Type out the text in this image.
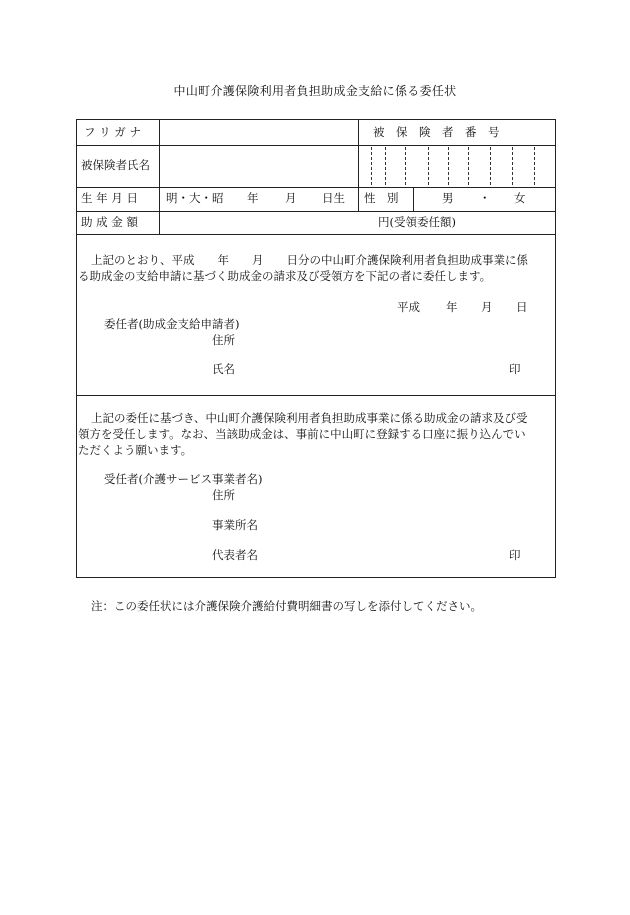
中山町介護保険利用者負担助成金支給に係る委任状
フ リ ガ ナ	被　保　険　者　番　号
被保険者氏名
生 年 月 日 明・大・昭 年 月 日生 性　別	男 ・ 女
助 成 金 額	円(受領委任額)
上記のとおり、平成　　年　　月　　日分の中山町介護保険利用者負担助成事業に係
る助成金の支給申請に基づく助成金の請求及び受領方を下記の者に委任します。
平成 年 月 日
委任者(助成金支給申請者)
住所
氏名	印
上記の委任に基づき、中山町介護保険利用者負担助成事業に係る助成金の請求及び受
領方を受任します。なお、当該助成金は、事前に中山町に登録する口座に振り込んでい
ただくよう願います。
受任者(介護サービス事業者名)
住所
事業所名
代表者名	印
注：この委任状には介護保険介護給付費明細書の写しを添付してください。
